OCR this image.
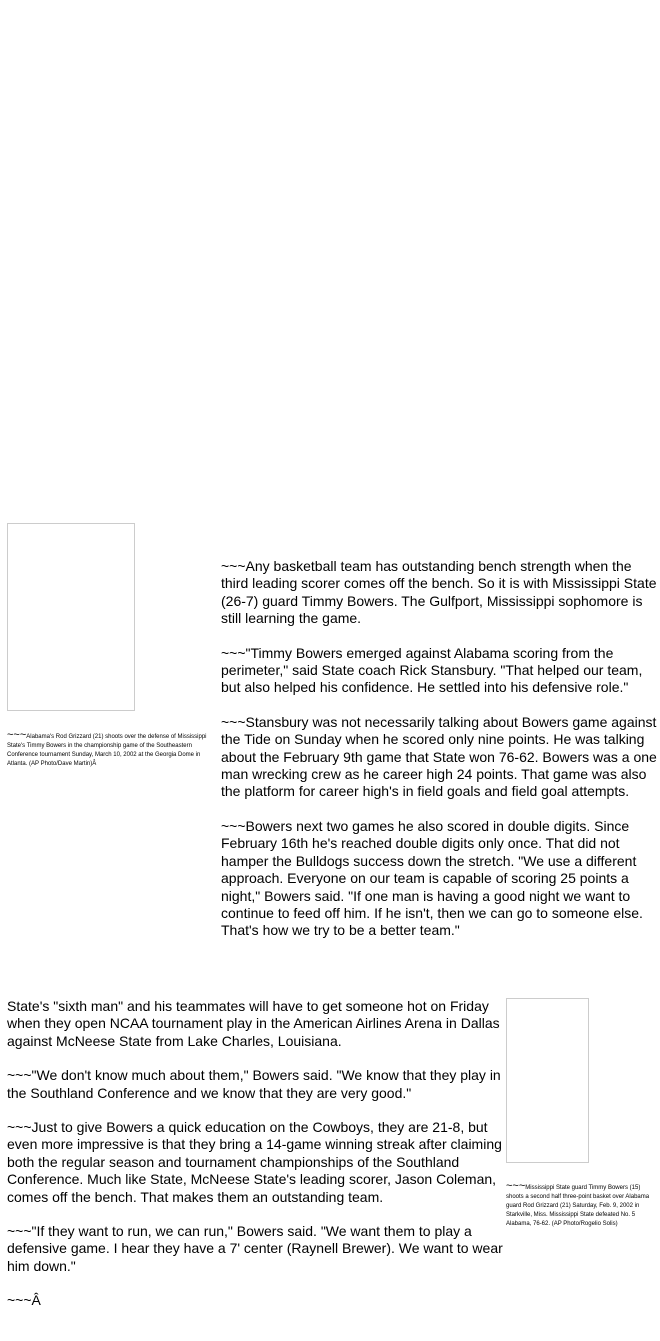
~~~Alabama's Rod Grizzard (21) shoots over the defense of Mississippi State's Timmy Bowers in the championship game of the Southeastern Conference tournament Sunday, March 10, 2002 at the Georgia Dome in Atlanta. (AP Photo/Dave Martin)Â

~~~Any basketball team has outstanding bench strength when the third leading scorer comes off the bench. So it is with Mississippi State (26-7) guard Timmy Bowers. The Gulfport, Mississippi sophomore is still learning the game.

~~~"Timmy Bowers emerged against Alabama scoring from the perimeter," said State coach Rick Stansbury. "That helped our team, but also helped his confidence. He settled into his defensive role."

~~~Stansbury was not necessarily talking about Bowers game against the Tide on Sunday when he scored only nine points. He was talking about the February 9th game that State won 76-62. Bowers was a one man wrecking crew as he career high 24 points. That game was also the platform for career high's in field goals and field goal attempts.

~~~Bowers next two games he also scored in double digits. Since February 16th he's reached double digits only once. That did not hamper the Bulldogs success down the stretch. "We use a different approach. Everyone on our team is capable of scoring 25 points a night," Bowers said. "If one man is having a good night we want to continue to feed off him. If he isn't, then we can go to someone else. That's how we try to be a better team."

~~~Mississippi State guard Timmy Bowers (15) shoots a second half three-point basket over Alabama guard Rod Grizzard (21) Saturday, Feb. 9, 2002 in Starkville, Miss. Mississippi State defeated No. 5 Alabama, 76-62. (AP Photo/Rogelio Solis)

State's "sixth man" and his teammates will have to get someone hot on Friday when they open NCAA tournament play in the American Airlines Arena in Dallas against McNeese State from Lake Charles, Louisiana.

~~~"We don't know much about them," Bowers said. "We know that they play in the Southland Conference and we know that they are very good."

~~~Just to give Bowers a quick education on the Cowboys, they are 21-8, but even more impressive is that they bring a 14-game winning streak after claiming both the regular season and tournament championships of the Southland Conference. Much like State, McNeese State's leading scorer, Jason Coleman, comes off the bench. That makes them an outstanding team.

~~~"If they want to run, we can run," Bowers said. "We want them to play a defensive game. I hear they have a 7' center (Raynell Brewer). We want to wear him down."

~~~Â
